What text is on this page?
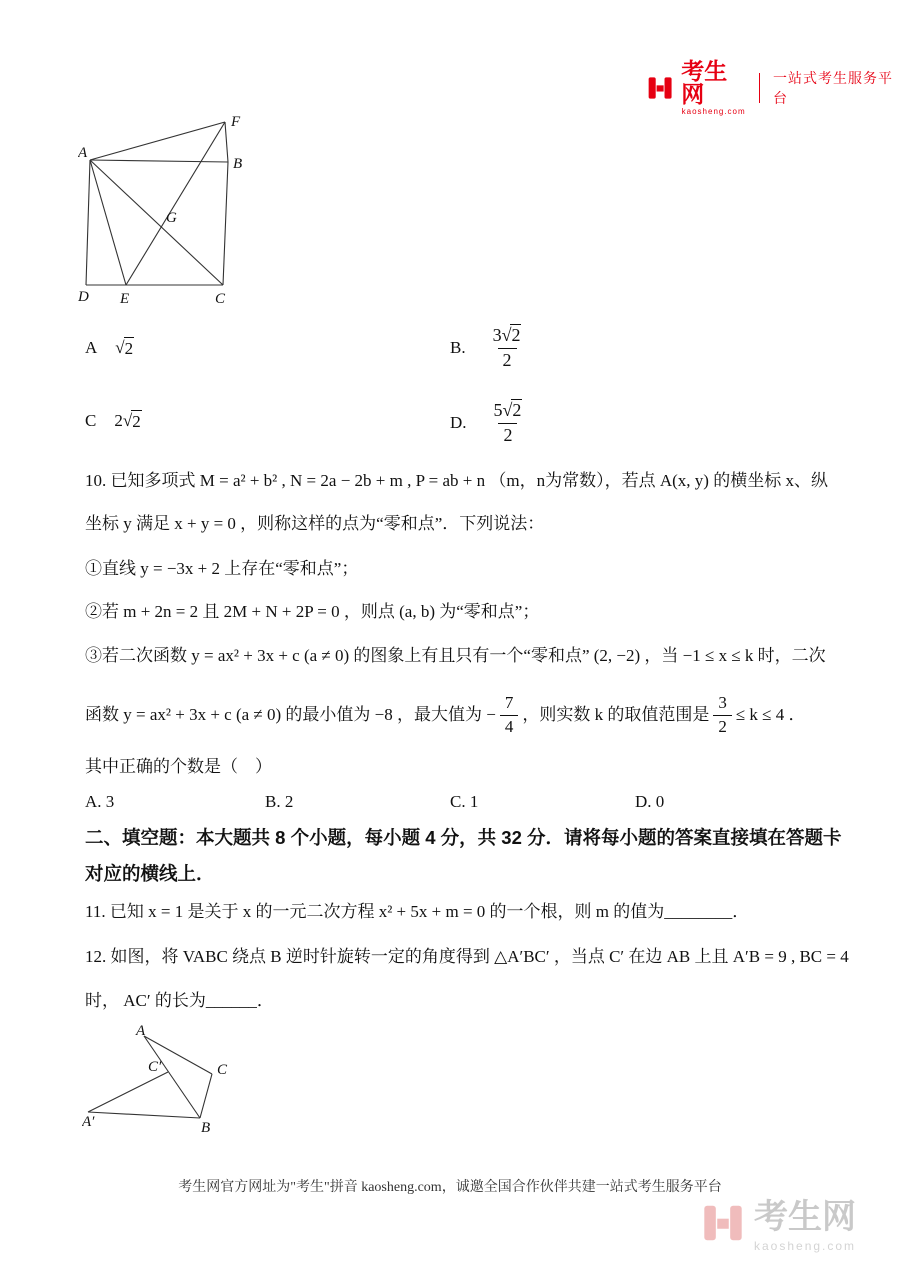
考生网
kaosheng.com
一站式考生服务平台
F
A
B
G
D E	C
A √ 2	B. $\frac{3√2}{2}$
C 2 √ 2	D. $\frac{5√2}{2}$
10. 已知多项式 M = a² + b² , N = 2a − 2b + m , P = ab + n （m，n为常数），若点 A(x, y) 的横坐标 x、纵
坐标 y 满足 x + y = 0 ，则称这样的点为“零和点”．下列说法：
①直线 y = −3x + 2 上存在“零和点”；
②若 m + 2n = 2 且 2M + N + 2P = 0 ，则点 (a, b) 为“零和点”；
③若二次函数 y = ax² + 3x + c (a ≠ 0) 的图象上有且只有一个“零和点” (2, −2) ，当 −1 ≤ x ≤ k 时，二次
函数 y = ax² + 3x + c (a ≠ 0) 的最小值为 −8 ，最大值为 − $\frac{7}{4}$ ，则实数 k 的取值范围是 $\frac{3}{2} \le k \le 4$ ．
其中正确的个数是（　）
A. 3	B. 2	C. 1	D. 0
二、填空题：本大题共 8 个小题，每小题 4 分，共 32 分．请将每小题的答案直接填在答题卡
对应的横线上．
11. 已知 x = 1 是关于 x 的一元二次方程 x² + 5x + m = 0 的一个根，则 m 的值为________．
12. 如图，将 VABC 绕点 B 逆时针旋转一定的角度得到 △A′BC′ ，当点 C′ 在边 AB 上且 A′B = 9 , BC = 4
时， AC′ 的长为______．
A
C′	C
A′	B
考生网官方网址为"考生"拼音 kaosheng.com，诚邀全国合作伙伴共建一站式考生服务平台
考生网
kaosheng.com
